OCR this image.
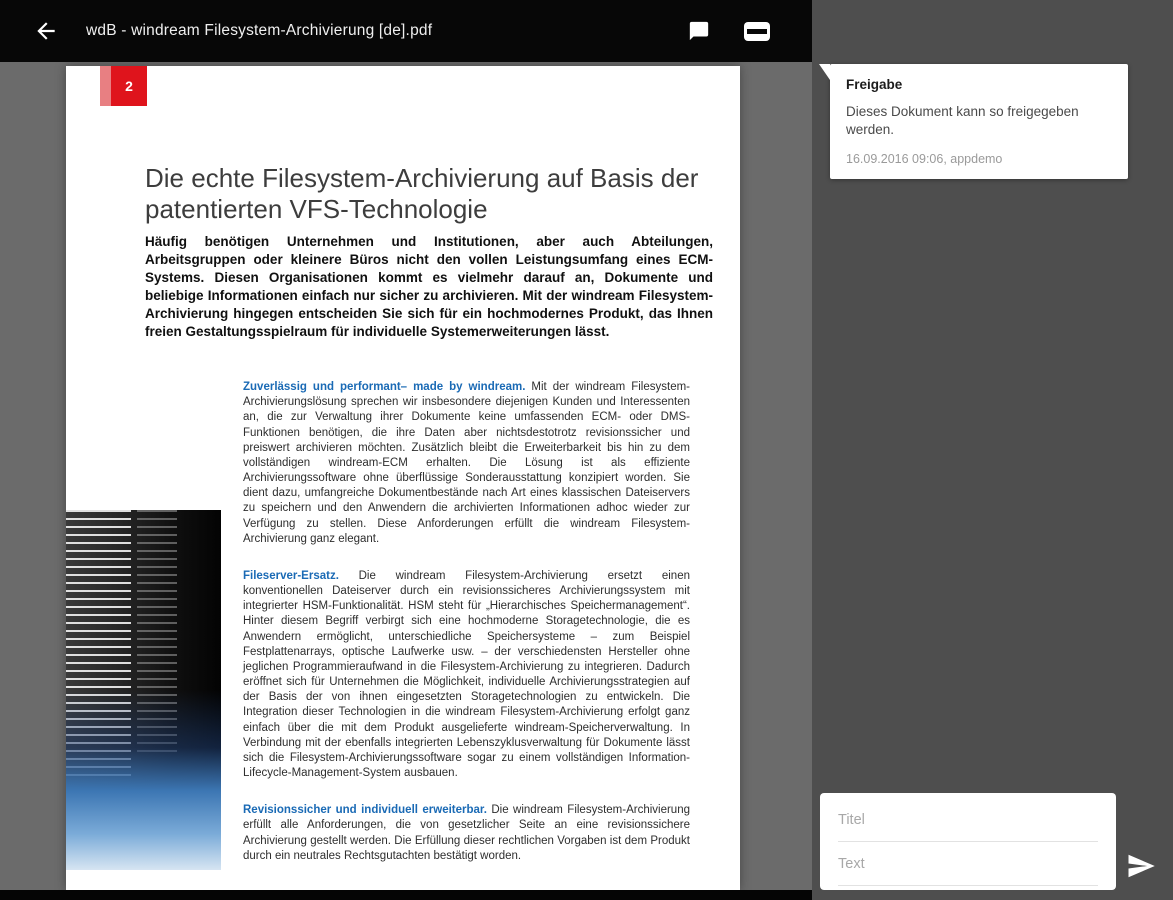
wdB - windream Filesystem-Archivierung [de].pdf
2
Die echte Filesystem-Archivierung auf Basis der patentierten VFS-Technologie

Häufig benötigen Unternehmen und Institutionen, aber auch Abteilungen, Arbeitsgruppen oder kleinere Büros nicht den vollen Leistungsumfang eines ECM-Systems. Diesen Organisationen kommt es vielmehr darauf an, Dokumente und beliebige Informationen einfach nur sicher zu archivieren. Mit der windream Filesystem-Archivierung hingegen entscheiden Sie sich für ein hochmodernes Produkt, das Ihnen freien Gestaltungsspielraum für individuelle Systemerweiterungen lässt.

Zuverlässig und performant– made by windream. Mit der windream Filesystem-Archivierungslösung sprechen wir insbesondere diejenigen Kunden und Interessenten an, die zur Verwaltung ihrer Dokumente keine umfassenden ECM- oder DMS-Funktionen benötigen, die ihre Daten aber nichtsdestotrotz revisionssicher und preiswert archivieren möchten. Zusätzlich bleibt die Erweiterbarkeit bis hin zu dem vollständigen windream-ECM erhalten. Die Lösung ist als effiziente Archivierungssoftware ohne überflüssige Sonderausstattung konzipiert worden. Sie dient dazu, umfangreiche Dokumentbestände nach Art eines klassischen Dateiservers zu speichern und den Anwendern die archivierten Informationen adhoc wieder zur Verfügung zu stellen. Diese Anforderungen erfüllt die windream Filesystem-Archivierung ganz elegant.

Fileserver-Ersatz. Die windream Filesystem-Archivierung ersetzt einen konventionellen Dateiserver durch ein revisionssicheres Archivierungssystem mit integrierter HSM-Funktionalität. HSM steht für „Hierarchisches Speichermanagement“. Hinter diesem Begriff verbirgt sich eine hochmoderne Storagetechnologie, die es Anwendern ermöglicht, unterschiedliche Speichersysteme – zum Beispiel Festplattenarrays, optische Laufwerke usw. – der verschiedensten Hersteller ohne jeglichen Programmieraufwand in die Filesystem-Archivierung zu integrieren. Dadurch eröffnet sich für Unternehmen die Möglichkeit, individuelle Archivierungsstrategien auf der Basis der von ihnen eingesetzten Storagetechnologien zu entwickeln. Die Integration dieser Technologien in die windream Filesystem-Archivierung erfolgt ganz einfach über die mit dem Produkt ausgelieferte windream-Speicherverwaltung. In Verbindung mit der ebenfalls integrierten Lebenszyklusverwaltung für Dokumente lässt sich die Filesystem-Archivierungssoftware sogar zu einem vollständigen Information-Lifecycle-Management-System ausbauen.

Revisionssicher und individuell erweiterbar. Die windream Filesystem-Archivierung erfüllt alle Anforderungen, die von gesetzlicher Seite an eine revisionssichere Archivierung gestellt werden. Die Erfüllung dieser rechtlichen Vorgaben ist dem Produkt durch ein neutrales Rechtsgutachten bestätigt worden.

Freigabe
Dieses Dokument kann so freigegeben werden.
16.09.2016 09:06, appdemo
Titel
Text
